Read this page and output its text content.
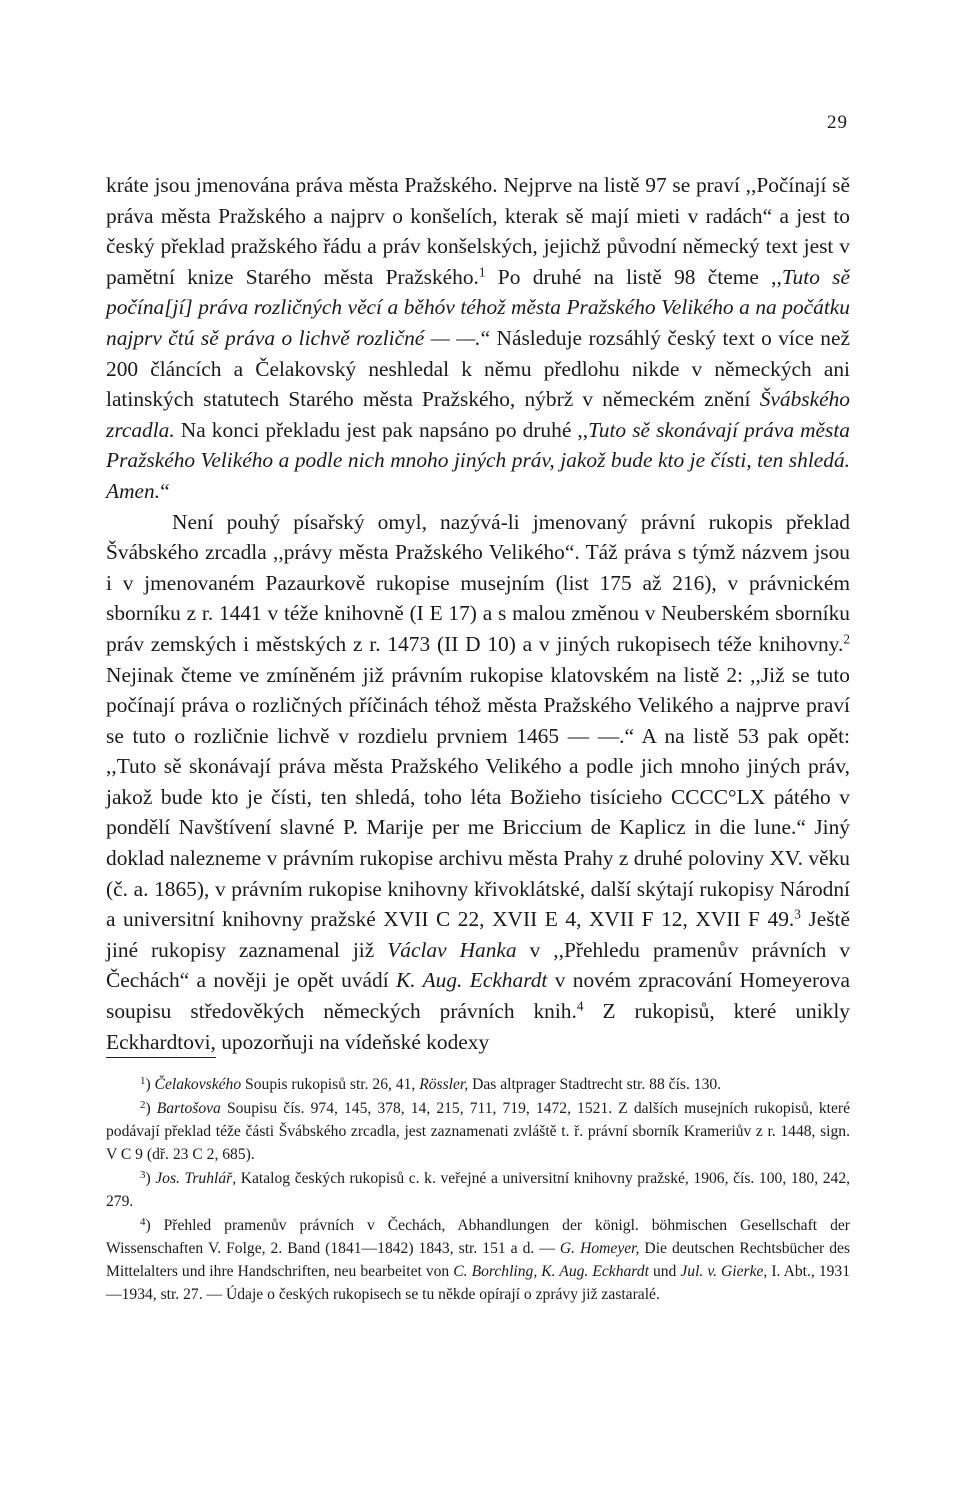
29

kráte jsou jmenována práva města Pražského. Nejprve na listě 97 se praví ,,Počínají sě práva města Pražského a najprv o konšelích, kterak sě mají mieti v radách“ a jest to český překlad pražského řádu a práv konšelských, jejichž původní německý text jest v pamětní knize Starého města Pražského.$^1$ Po druhé na listě 98 čteme ,,Tuto sě počína[jí] práva rozličných věcí a běhóv téhož města Pražského Velikého a na počátku najprv čtú sě práva o lichvě rozličné — —.“ Následuje rozsáhlý český text o více než 200 článcích a Čelakovský neshledal k němu předlohu nikde v německých ani latinských statutech Starého města Pražského, nýbrž v německém znění Švábského zrcadla. Na konci překladu jest pak napsáno po druhé ,,Tuto sě skonávají práva města Pražského Velikého a podle nich mnoho jiných práv, jakož bude kto je čísti, ten shledá. Amen.“

Není pouhý písařský omyl, nazývá-li jmenovaný právní rukopis překlad Švábského zrcadla ,,právy města Pražského Velikého“. Táž práva s týmž názvem jsou i v jmenovaném Pazaurkově rukopise musejním (list 175 až 216), v právnickém sborníku z r. 1441 v téže knihovně (I E 17) a s malou změnou v Neuberském sborníku práv zemských i městských z r. 1473 (II D 10) a v jiných rukopisech téže knihovny.$^2$ Nejinak čteme ve zmíněném již právním rukopise klatovském na listě 2: ,,Již se tuto počínají práva o rozličných příčinách téhož města Pražského Velikého a najprve praví se tuto o rozličnie lichvě v rozdielu prvniem 1465 — —.“ A na listě 53 pak opět: ,,Tuto sě skonávají práva města Pražského Velikého a podle jich mnoho jiných práv, jakož bude kto je čísti, ten shledá, toho léta Božieho tisícieho CCCC°LX pátého v pondělí Navštívení slavné P. Marije per me Briccium de Kaplicz in die lune.“ Jiný doklad nalezneme v právním rukopise archivu města Prahy z druhé poloviny XV. věku (č. a. 1865), v právním rukopise knihovny křivoklátské, další skýtají rukopisy Národní a universitní knihovny pražské XVII C 22, XVII E 4, XVII F 12, XVII F 49.$^3$ Ještě jiné rukopisy zaznamenal již Václav Hanka v ,,Přehledu pramenův právních v Čechách“ a nověji je opět uvádí K. Aug. Eckhardt v novém zpracování Homeyerova soupisu středověkých německých právních knih.$^4$ Z rukopisů, které unikly Eckhardtovi, upozorňuji na vídeňské kodexy

$^1$) Čelakovského Soupis rukopisů str. 26, 41, Rössler, Das altprager Stadtrecht str. 88 čís. 130.

$^2$) Bartošova Soupisu čís. 974, 145, 378, 14, 215, 711, 719, 1472, 1521. Z dalších musejních rukopisů, které podávají překlad téže části Švábského zrcadla, jest zaznamenati zvláště t. ř. právní sborník Krameriův z r. 1448, sign. V C 9 (dř. 23 C 2, 685).

$^3$) Jos. Truhlář, Katalog českých rukopisů c. k. veřejné a universitní knihovny pražské, 1906, čís. 100, 180, 242, 279.

$^4$) Přehled pramenův právních v Čechách, Abhandlungen der königl. böhmischen Gesellschaft der Wissenschaften V. Folge, 2. Band (1841—1842) 1843, str. 151 a d. — G. Homeyer, Die deutschen Rechtsbücher des Mittelalters und ihre Handschriften, neu bearbeitet von C. Borchling, K. Aug. Eckhardt und Jul. v. Gierke, I. Abt., 1931—1934, str. 27. — Údaje o českých rukopisech se tu někde opírají o zprávy již zastaralé.
